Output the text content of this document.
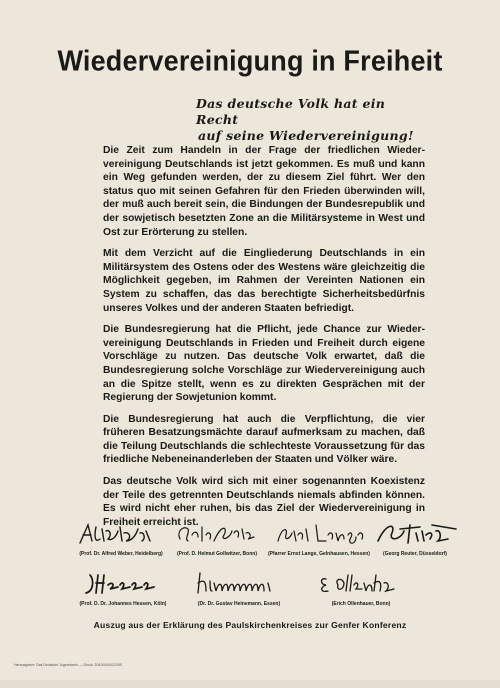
Wiedervereinigung in Freiheit
Das deutsche Volk hat ein Recht
auf seine Wiedervereinigung!

Die Zeit zum Handeln in der Frage der friedlichen Wiedervereinigung Deutschlands ist jetzt gekommen. Es muß und kann ein Weg gefunden werden, der zu diesem Ziel führt. Wer den status quo mit seinen Gefahren für den Frieden überwinden will, der muß auch bereit sein, die Bindungen der Bundesrepublik und der sowjetisch besetzten Zone an die Militärsysteme in West und Ost zur Erörterung zu stellen.

Mit dem Verzicht auf die Eingliederung Deutschlands in ein Militärsystem des Ostens oder des Westens wäre gleichzeitig die Möglichkeit gegeben, im Rahmen der Vereinten Nationen ein System zu schaffen, das das berechtigte Sicherheitsbedürfnis unseres Volkes und der anderen Staaten befriedigt.

Die Bundesregierung hat die Pflicht, jede Chance zur Wiedervereinigung Deutschlands in Frieden und Freiheit durch eigene Vorschläge zu nutzen. Das deutsche Volk erwartet, daß die Bundesregierung solche Vorschläge zur Wiedervereinigung auch an die Spitze stellt, wenn es zu direkten Gesprächen mit der Regierung der Sowjetunion kommt.

Die Bundesregierung hat auch die Verpflichtung, die vier früheren Besatzungsmächte darauf aufmerksam zu machen, daß die Teilung Deutschlands die schlechteste Voraussetzung für das friedliche Nebeneinanderleben der Staaten und Völker wäre.

Das deutsche Volk wird sich mit einer sogenannten Koexistenz der Teile des getrennten Deutschlands niemals abfinden können. Es wird nicht eher ruhen, bis das Ziel der Wiedervereinigung in Freiheit erreicht ist.

(Prof. Dr. Alfred Weber, Heidelberg)	(Prof. D. Helmut Gollwitzer, Bonn)	(Pfarrer Ernst Lange, Gelnhausen, Hessen)	(Georg Reuter, Düsseldorf)
(Prof. D. Dr. Johannes Hessen, Köln)	(Dr. Dr. Gustav Heinemann, Essen)	(Erich Ollenhauer, Bonn)
Auszug aus der Erklärung des Paulskirchenkreises zur Genfer Konferenz
Herausgeber: Das Deutsche Jugendwerk — Druck: 2042/0404/2/2/55
